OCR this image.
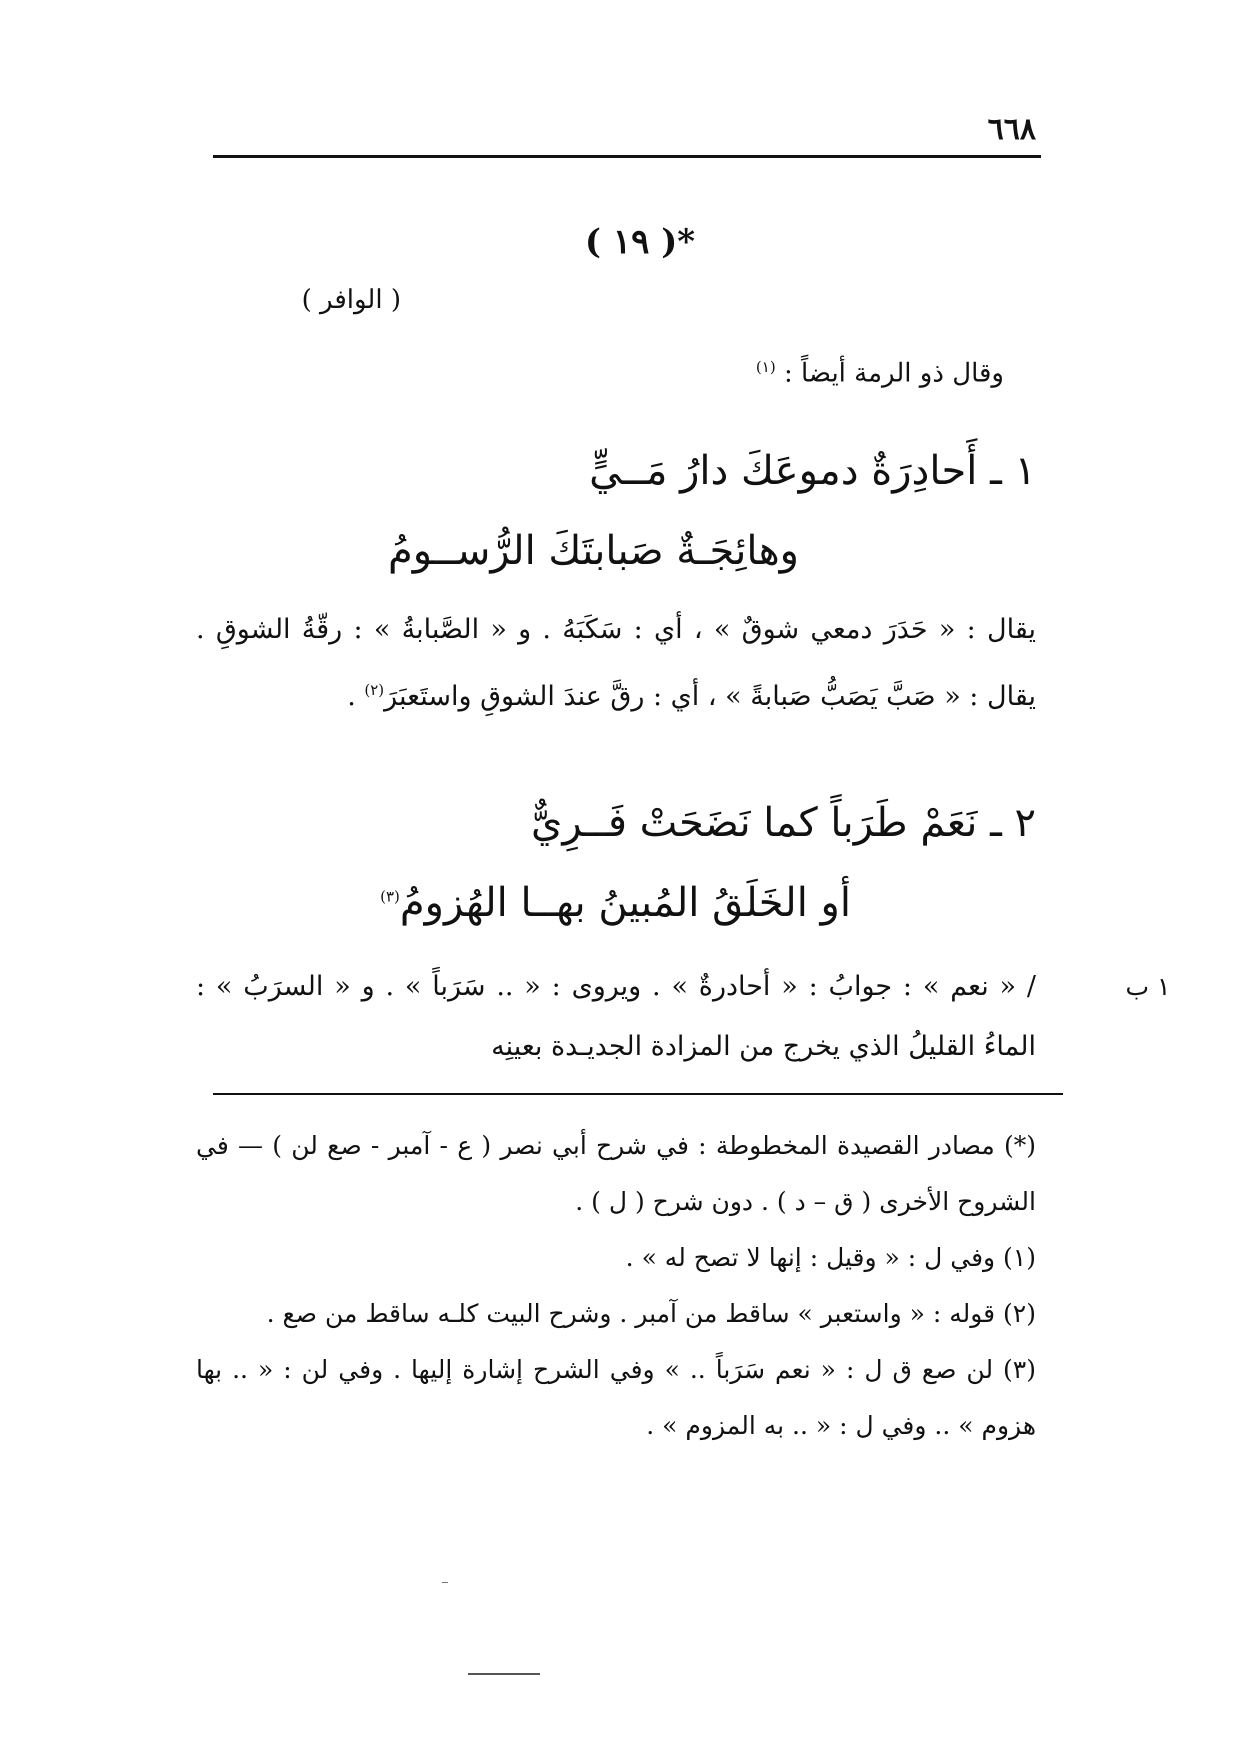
٦٦٨
( ١٩ )*
( الوافر )
وقال ذو الرمة أيضاً : $^{(١)}$
١ ـ أَحادِرَةٌ دموعَكَ دارُ مَــيٍّ
وهائِجَـةٌ صَبابتَكَ الرُّســومُ
يقال : « حَدَرَ دمعي شوقٌ » ، أي : سَكَبَهُ . و « الصَّبابةُ » : رقّةُ الشوقِ . يقال : « صَبَّ يَصَبُّ صَبابةً » ، أي : رقَّ عندَ الشوقِ واستَعبَرَ$^{(٢)}$ .
٢ ـ نَعَمْ طَرَباً كما نَضَحَتْ فَــرِيٌّ
أو الخَلَقُ المُبينُ بهــا الهُزومُ$^{(٣)}$
/ « نعم » : جوابُ : « أحادرةٌ » . ويروى : « .. سَرَباً » . و « السرَبُ » : الماءُ القليلُ الذي يخرج من المزادة الجديـدة بعينِه
١ ب

(*) مصادر القصيدة المخطوطة : في شرح أبي نصر ( ع - آمبر - صع لن ) — في الشروح الأخرى ( ق – د ) . دون شرح ( ل ) .

(١) وفي ل : « وقيل : إنها لا تصح له » .

(٢) قوله : « واستعبر » ساقط من آمبر . وشرح البيت كلـه ساقط من صع .

(٣) لن صع ق ل : « نعم سَرَباً .. » وفي الشرح إشارة إليها . وفي لن : « .. بها هزوم » .. وفي ل : « .. به المزوم » .
